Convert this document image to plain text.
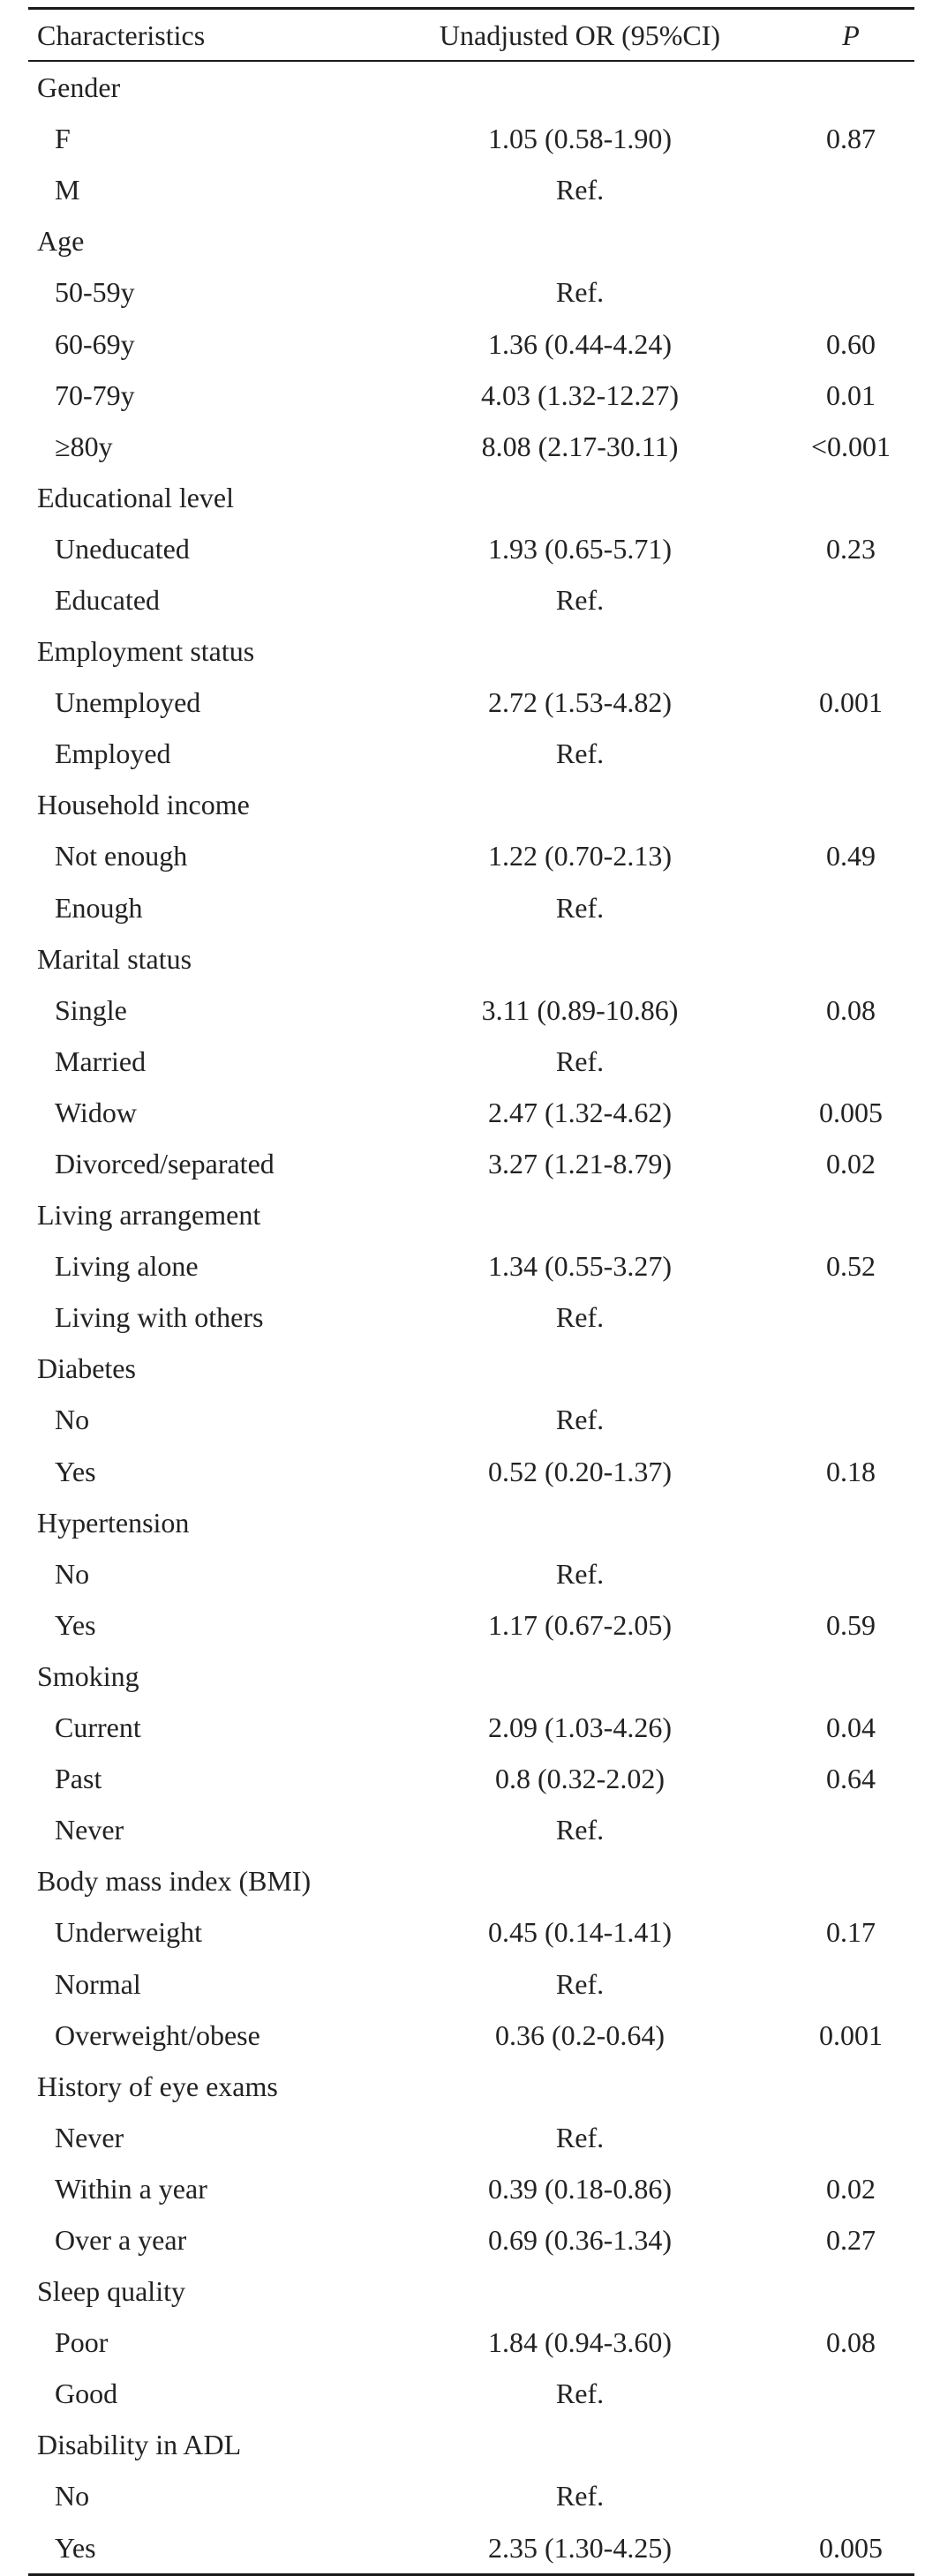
Characteristics	Unadjusted OR (95%CI)	P
Gender
F	1.05 (0.58-1.90)	0.87
M	Ref.
Age
50-59y	Ref.
60-69y	1.36 (0.44-4.24)	0.60
70-79y	4.03 (1.32-12.27)	0.01
≥80y	8.08 (2.17-30.11)	<0.001
Educational level
Uneducated	1.93 (0.65-5.71)	0.23
Educated	Ref.
Employment status
Unemployed	2.72 (1.53-4.82)	0.001
Employed	Ref.
Household income
Not enough	1.22 (0.70-2.13)	0.49
Enough	Ref.
Marital status
Single	3.11 (0.89-10.86)	0.08
Married	Ref.
Widow	2.47 (1.32-4.62)	0.005
Divorced/separated	3.27 (1.21-8.79)	0.02
Living arrangement
Living alone	1.34 (0.55-3.27)	0.52
Living with others	Ref.
Diabetes
No	Ref.
Yes	0.52 (0.20-1.37)	0.18
Hypertension
No	Ref.
Yes	1.17 (0.67-2.05)	0.59
Smoking
Current	2.09 (1.03-4.26)	0.04
Past	0.8 (0.32-2.02)	0.64
Never	Ref.
Body mass index (BMI)
Underweight	0.45 (0.14-1.41)	0.17
Normal	Ref.
Overweight/obese	0.36 (0.2-0.64)	0.001
History of eye exams
Never	Ref.
Within a year	0.39 (0.18-0.86)	0.02
Over a year	0.69 (0.36-1.34)	0.27
Sleep quality
Poor	1.84 (0.94-3.60)	0.08
Good	Ref.
Disability in ADL
No	Ref.
Yes	2.35 (1.30-4.25)	0.005
